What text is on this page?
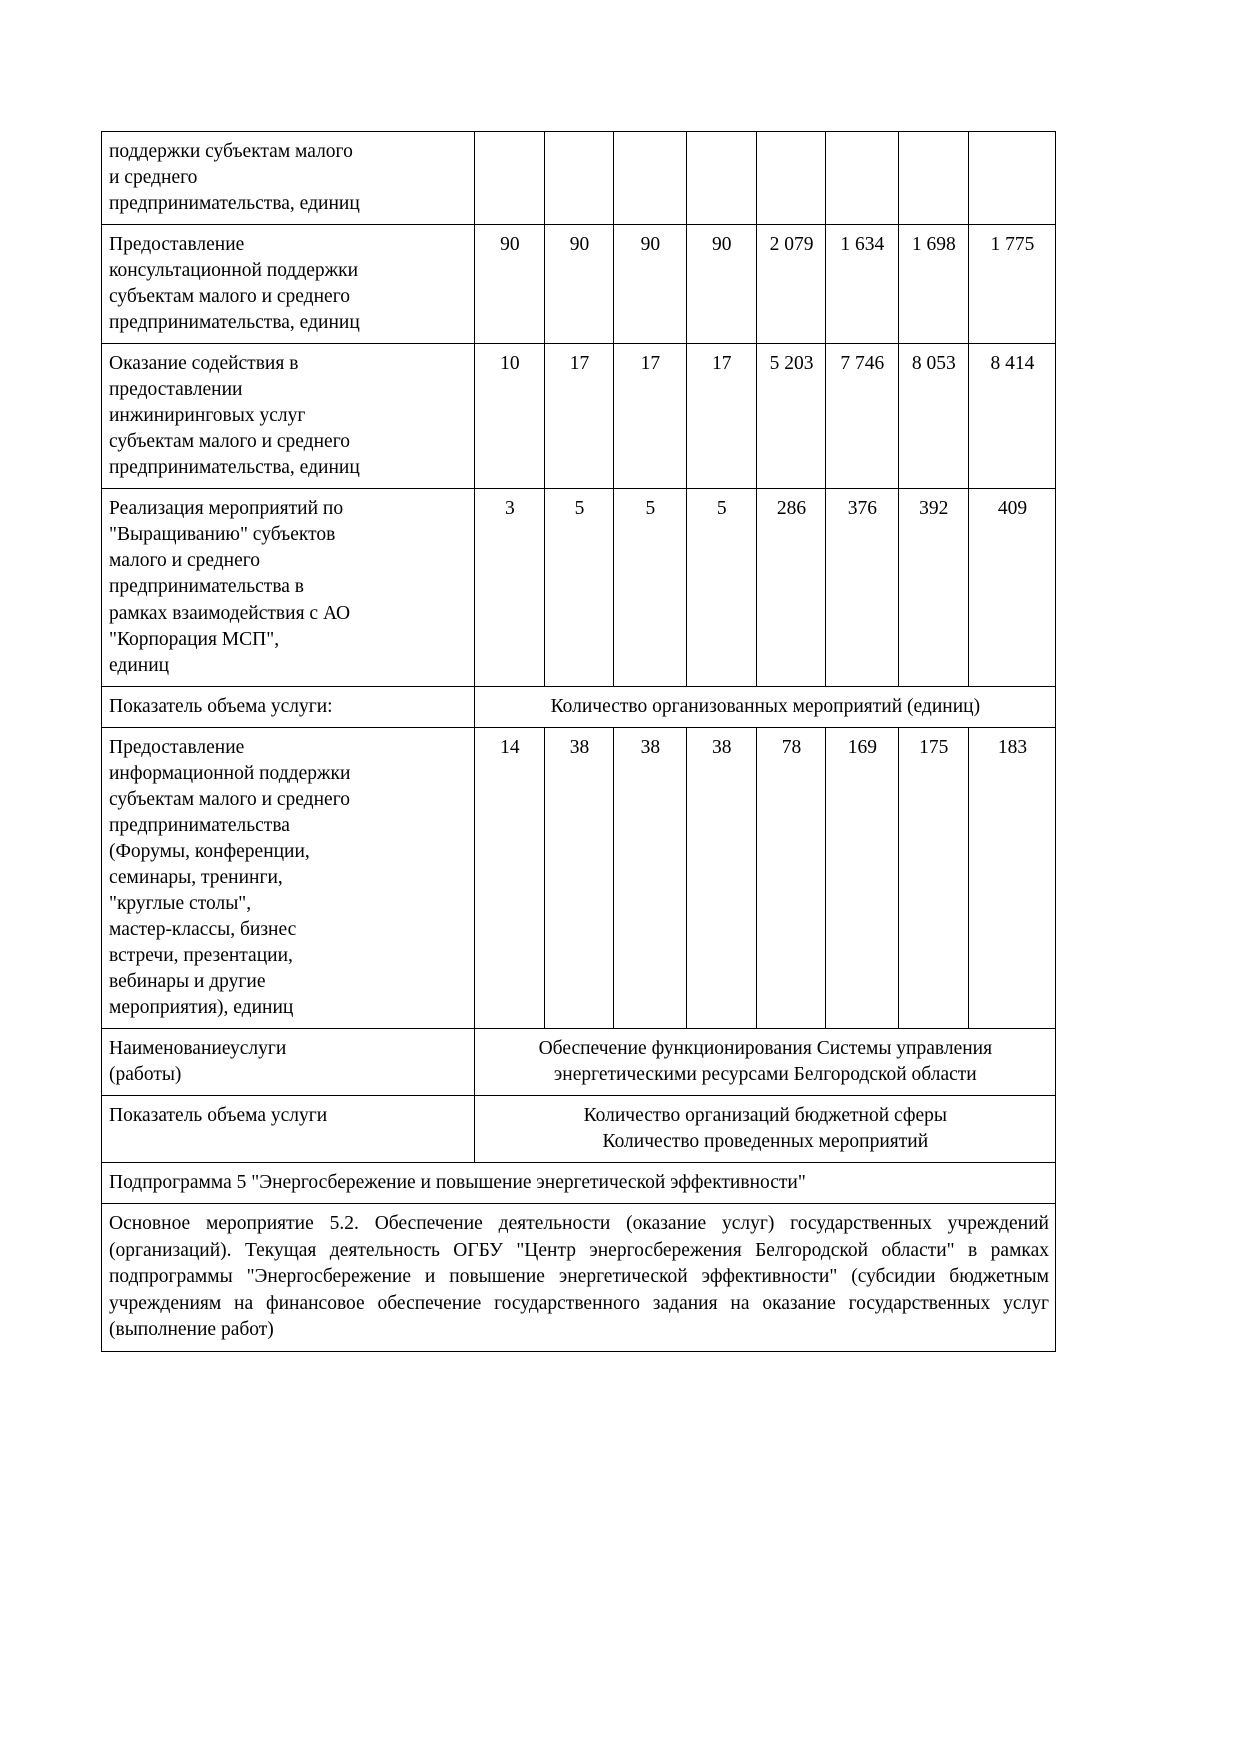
поддержки субъектам малого
и среднего
предпринимательства, единиц								
Предоставление
консультационной поддержки
субъектам малого и среднего
предпринимательства, единиц	90	90	90	90	2 079	1 634	1 698	1 775
Оказание содействия в
предоставлении
инжиниринговых услуг
субъектам малого и среднего
предпринимательства, единиц	10	17	17	17	5 203	7 746	8 053	8 414
Реализация мероприятий по
"Выращиванию" субъектов
малого и среднего
предпринимательства в
рамках взаимодействия с АО
"Корпорация МСП",
единиц	3	5	5	5	286	376	392	409
Показатель объема услуги:	Количество организованных мероприятий (единиц)							
Предоставление
информационной поддержки
субъектам малого и среднего
предпринимательства
(Форумы, конференции,
семинары, тренинги,
"круглые столы",
мастер-классы, бизнес
встречи, презентации,
вебинары и другие
мероприятия), единиц	14	38	38	38	78	169	175	183

Наименованиеуслуги
(работы)	Обеспечение функционирования Системы управления
энергетическими ресурсами Белгородской области							

Показатель объема услуги	Количество организаций бюджетной сферы
Количество проведенных мероприятий							

Подпрограмма 5 "Энергосбережение и повышение энергетической эффективности"								

Основное мероприятие 5.2. Обеспечение деятельности (оказание услуг) государственных учреждений (организаций). Текущая деятельность ОГБУ "Центр энергосбережения Белгородской области" в рамках подпрограммы "Энергосбережение и повышение энергетической эффективности" (субсидии бюджетным учреждениям на финансовое обеспечение государственного задания на оказание государственных услуг (выполнение работ)								
